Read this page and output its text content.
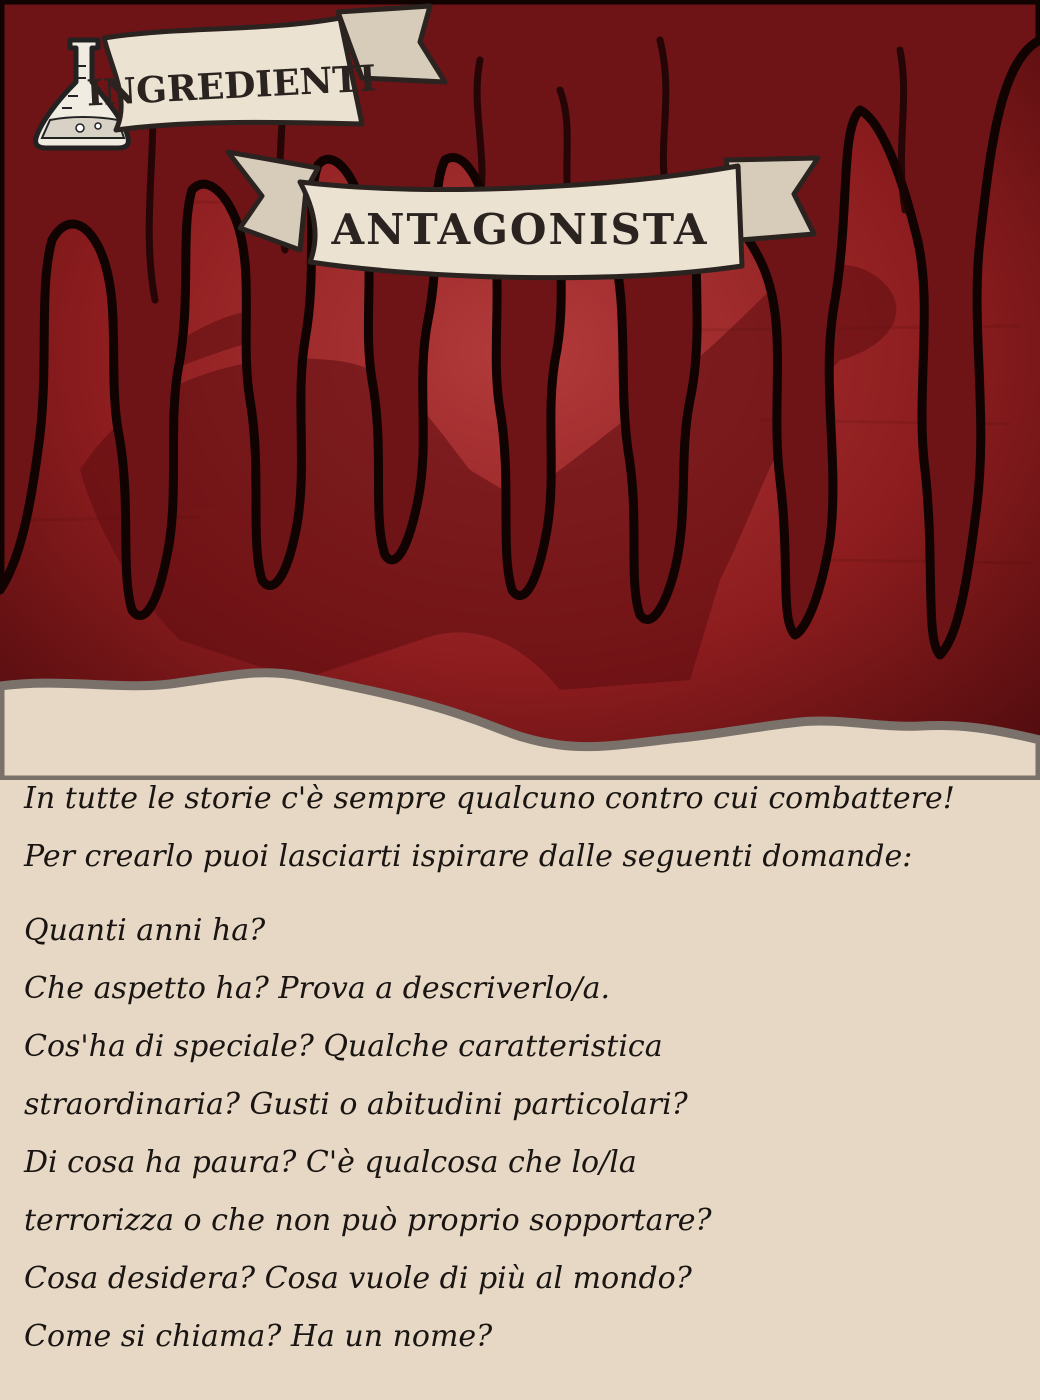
INGREDIENTI
ANTAGONISTA

In tutte le storie c'è sempre qualcuno contro cui combattere!

Per crearlo puoi lasciarti ispirare dalle seguenti domande:

Quanti anni ha?

Che aspetto ha? Prova a descriverlo/a.

Cos'ha di speciale? Qualche caratteristica

straordinaria? Gusti o abitudini particolari?

Di cosa ha paura? C'è qualcosa che lo/la

terrorizza o che non può proprio sopportare?

Cosa desidera? Cosa vuole di più al mondo?

Come si chiama? Ha un nome?
